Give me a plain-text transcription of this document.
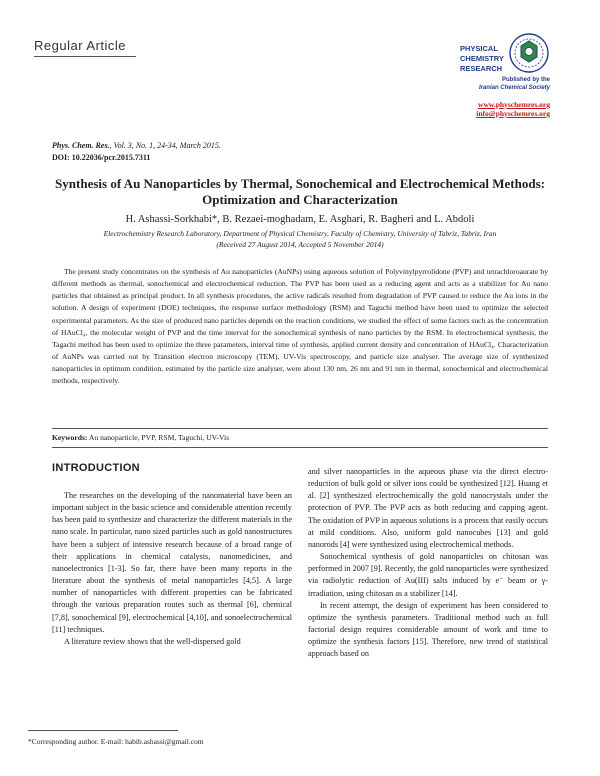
Regular Article	PHYSICAL
CHEMISTRY
RESEARCH
Published by the
Iranian Chemical Society
www.physchemres.org
info@physchemres.org
Phys. Chem. Res., Vol. 3, No. 1, 24-34, March 2015.
DOI: 10.22036/pcr.2015.7311
Synthesis of Au Nanoparticles by Thermal, Sonochemical and Electrochemical Methods: Optimization and Characterization
H. Ashassi-Sorkhabi*, B. Rezaei-moghadam, E. Asghari, R. Bagheri and L. Abdoli
Electrochemistry Research Laboratory, Department of Physical Chemistry, Faculty of Chemistry, University of Tabriz, Tabriz, Iran
(Received 27 August 2014, Accepted 5 November 2014)
The present study concentrates on the synthesis of Au nanoparticles (AuNPs) using aqueous solution of Polyvinylpyrrolidone (PVP) and tetrachloroaurate by different methods as thermal, sonochemical and electrochemical reduction. The PVP has been used as a reducing agent and acts as a stabilizer for Au nano particles that obtained as principal product. In all synthesis procedures, the active radicals resulted from degradation of PVP caused to reduce the Au ions in the solution. A design of experiment (DOE) techniques, the response surface methodology (RSM) and Taguchi method have been used to optimize the selected experimental parameters. As the size of produced nano particles depends on the reaction conditions, we studied the effect of some factors such as the concentration of HAuCl₄, the molecular weight of PVP and the time interval for the sonochemical synthesis of nano particles by the RSM. In electrochemical synthesis, the Tagachi method has been used to optimize the three parameters, interval time of synthesis, applied current density and concentration of HAuCl₄. Characterization of AuNPs was carried out by Transition electron microscopy (TEM), UV-Vis spectroscopy, and particle size analyser. The average size of synthesized nanoparticles in optimum condition, estimated by the particle size analyser, were about 130 nm, 26 nm and 91 nm in thermal, sonochemical and electrochemical methods, respectively.
Keywords: Au nanoparticle, PVP, RSM, Taguchi, UV-Vis
INTRODUCTION

The researches on the developing of the nanomaterial have been an important subject in the basic science and considerable attention recently has been paid to synthesize and characterize the different materials in the nano scale. In particular, nano sized particles such as gold nanostructures have been a subject of intensive research because of a broad range of their applications in chemical catalysis, nanomedicines, and nanoelectronics [1-3]. So far, there have been many reports in the literature about the synthesis of metal nanoparticles [4,5]. A large number of nanoparticles with different properties can be fabricated through the various preparation routes such as thermal [6], chemical [7,8], sonochemical [9], electrochemical [4,10], and sonoelectrochemical [11] techniques.

A literature review shows that the well-dispersed gold

and silver nanoparticles in the aqueous phase via the direct electro-reduction of bulk gold or silver ions could be synthesized [12]. Huang et al. [2] synthesized electrochemically the gold nanocrystals under the protection of PVP. The PVP acts as both reducing and capping agent. The oxidation of PVP in aqueous solutions is a process that easily occurs at mild conditions. Also, uniform gold nanocubes [13] and gold nanorods [4] were synthesized using electrochemical methods.

Sonochemical synthesis of gold nanoparticles on chitosan was performed in 2007 [9]. Recently, the gold nanoparticles were synthesized via radiolytic reduction of Au(III) salts induced by e⁻ beam or γ- irradiation, using chitosan as a stabilizer [14].

In recent attempt, the design of experiment has been considered to optimize the synthesis parameters. Traditional method such as full factorial design requires considerable amount of work and time to optimize the synthesis factors [15]. Therefore, new trend of statistical approach based on

*Corresponding author. E-mail: habib.ashassi@gmail.com
